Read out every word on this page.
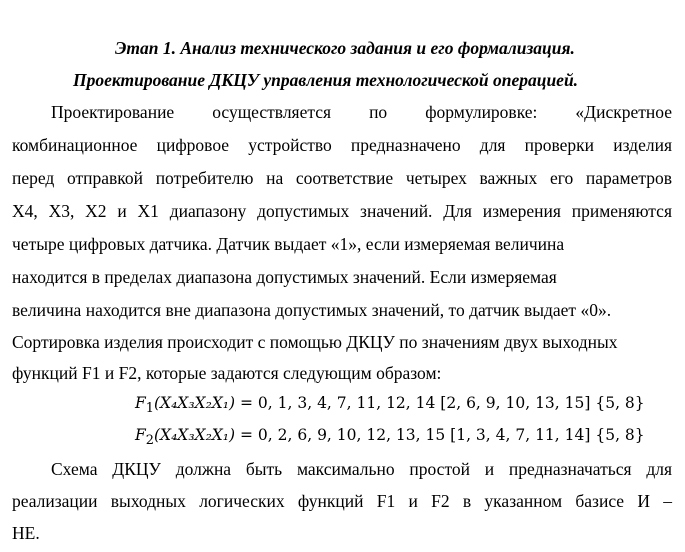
Этап 1. Анализ технического задания и его формализация.
Проектирование ДКЦУ управления технологической операцией.
Проектирование осуществляется по формулировке: «Дискретное
комбинационное цифровое устройство предназначено для проверки изделия
перед отправкой потребителю на соответствие четырех важных его параметров
X4, X3, X2 и X1 диапазону допустимых значений. Для измерения применяются
четыре цифровых датчика. Датчик выдает «1», если измеряемая величина
находится в пределах диапазона допустимых значений. Если измеряемая
величина находится вне диапазона допустимых значений, то датчик выдает «0».
Сортировка изделия происходит с помощью ДКЦУ по значениям двух выходных
функций F1 и F2, которые задаются следующим образом:
$F_1(X_4X_3X_2X_1) = 0$, 1, 3, 4, 7, 11, 12, 14 [2, 6, 9, 10, 13, 15] {5, 8}
$F_2(X_4X_3X_2X_1) = 0$, 2, 6, 9, 10, 12, 13, 15 [1, 3, 4, 7, 11, 14] {5, 8}
Схема ДКЦУ должна быть максимально простой и предназначаться для
реализации выходных логических функций F1 и F2 в указанном базисе И –
НЕ.
